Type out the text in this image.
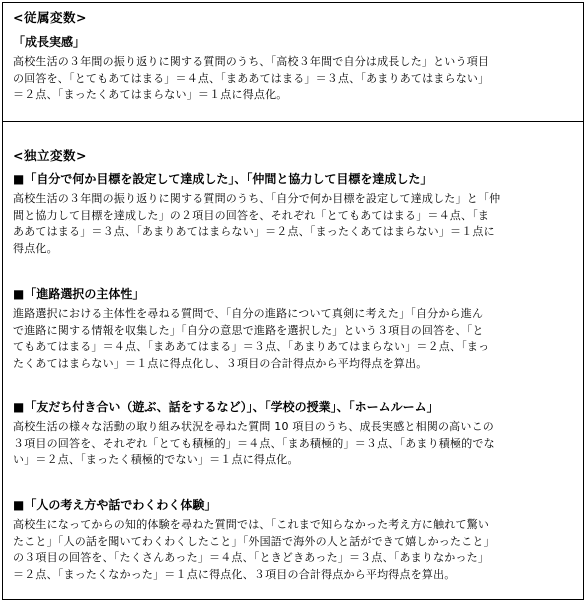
<従属変数>
「成長実感」
高校生活の３年間の振り返りに関する質問のうち、「高校３年間で自分は成長した」という項目
の回答を、「とてもあてはまる」＝４点、「まああてはまる」＝３点、「あまりあてはまらない」
＝２点、「まったくあてはまらない」＝１点に得点化。
<独立変数>
■「自分で何か目標を設定して達成した」、「仲間と協力して目標を達成した」
高校生活の３年間の振り返りに関する質問のうち、「自分で何か目標を設定して達成した」と「仲
間と協力して目標を達成した」の２項目の回答を、それぞれ「とてもあてはまる」＝４点、「ま
ああてはまる」＝３点、「あまりあてはまらない」＝２点、「まったくあてはまらない」＝１点に
得点化。
■「進路選択の主体性」
進路選択における主体性を尋ねる質問で、「自分の進路について真剣に考えた」「自分から進ん
で進路に関する情報を収集した」「自分の意思で進路を選択した」という３項目の回答を、「と
てもあてはまる」＝４点、「まああてはまる」＝３点、「あまりあてはまらない」＝２点、「まっ
たくあてはまらない」＝１点に得点化し、３項目の合計得点から平均得点を算出。
■「友だち付き合い（遊ぶ、話をするなど）」、「学校の授業」、「ホームルーム」
高校生活の様々な活動の取り組み状況を尋ねた質問 10 項目のうち、成長実感と相関の高いこの
３項目の回答を、それぞれ「とても積極的」＝４点、「まあ積極的」＝３点、「あまり積極的でな
い」＝２点、「まったく積極的でない」＝１点に得点化。
■「人の考え方や話でわくわく体験」
高校生になってからの知的体験を尋ねた質問では、「これまで知らなかった考え方に触れて驚い
たこと」「人の話を聞いてわくわくしたこと」「外国語で海外の人と話ができて嬉しかったこと」
の３項目の回答を、「たくさんあった」＝４点、「ときどきあった」＝３点、「あまりなかった」
＝２点、「まったくなかった」＝１点に得点化、３項目の合計得点から平均得点を算出。
